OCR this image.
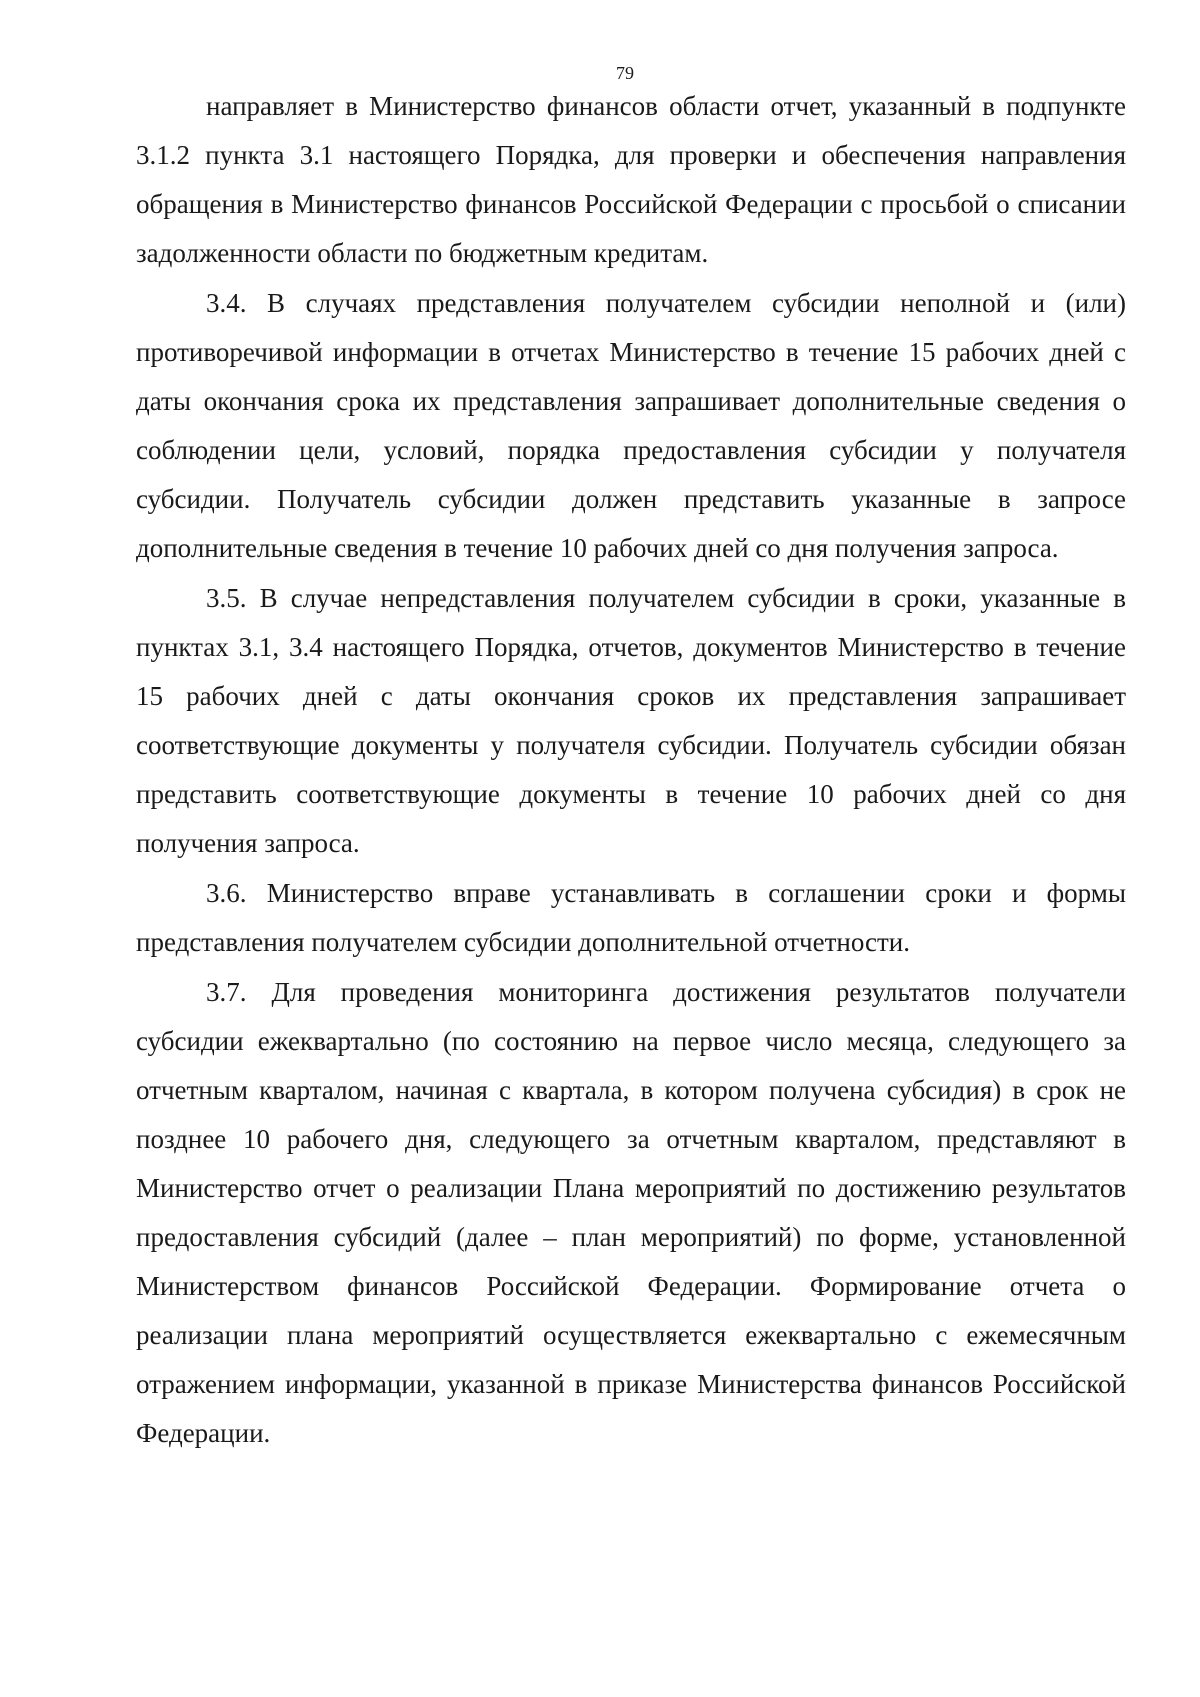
79

направляет в Министерство финансов области отчет, указанный в подпункте 3.1.2 пункта 3.1 настоящего Порядка, для проверки и обеспечения направления обращения в Министерство финансов Российской Федерации с просьбой о списании задолженности области по бюджетным кредитам.

3.4. В случаях представления получателем субсидии неполной и (или) противоречивой информации в отчетах Министерство в течение 15 рабочих дней с даты окончания срока их представления запрашивает дополнительные сведения о соблюдении цели, условий, порядка предоставления субсидии у получателя субсидии. Получатель субсидии должен представить указанные в запросе дополнительные сведения в течение 10 рабочих дней со дня получения запроса.

3.5. В случае непредставления получателем субсидии в сроки, указанные в пунктах 3.1, 3.4 настоящего Порядка, отчетов, документов Министерство в течение 15 рабочих дней с даты окончания сроков их представления запрашивает соответствующие документы у получателя субсидии. Получатель субсидии обязан представить соответствующие документы в течение 10 рабочих дней со дня получения запроса.

3.6. Министерство вправе устанавливать в соглашении сроки и формы представления получателем субсидии дополнительной отчетности.

3.7. Для проведения мониторинга достижения результатов получатели субсидии ежеквартально (по состоянию на первое число месяца, следующего за отчетным кварталом, начиная с квартала, в котором получена субсидия) в срок не позднее 10 рабочего дня, следующего за отчетным кварталом, представляют в Министерство отчет о реализации Плана мероприятий по достижению результатов предоставления субсидий (далее – план мероприятий) по форме, установленной Министерством финансов Российской Федерации. Формирование отчета о реализации плана мероприятий осуществляется ежеквартально с ежемесячным отражением информации, указанной в приказе Министерства финансов Российской Федерации.
